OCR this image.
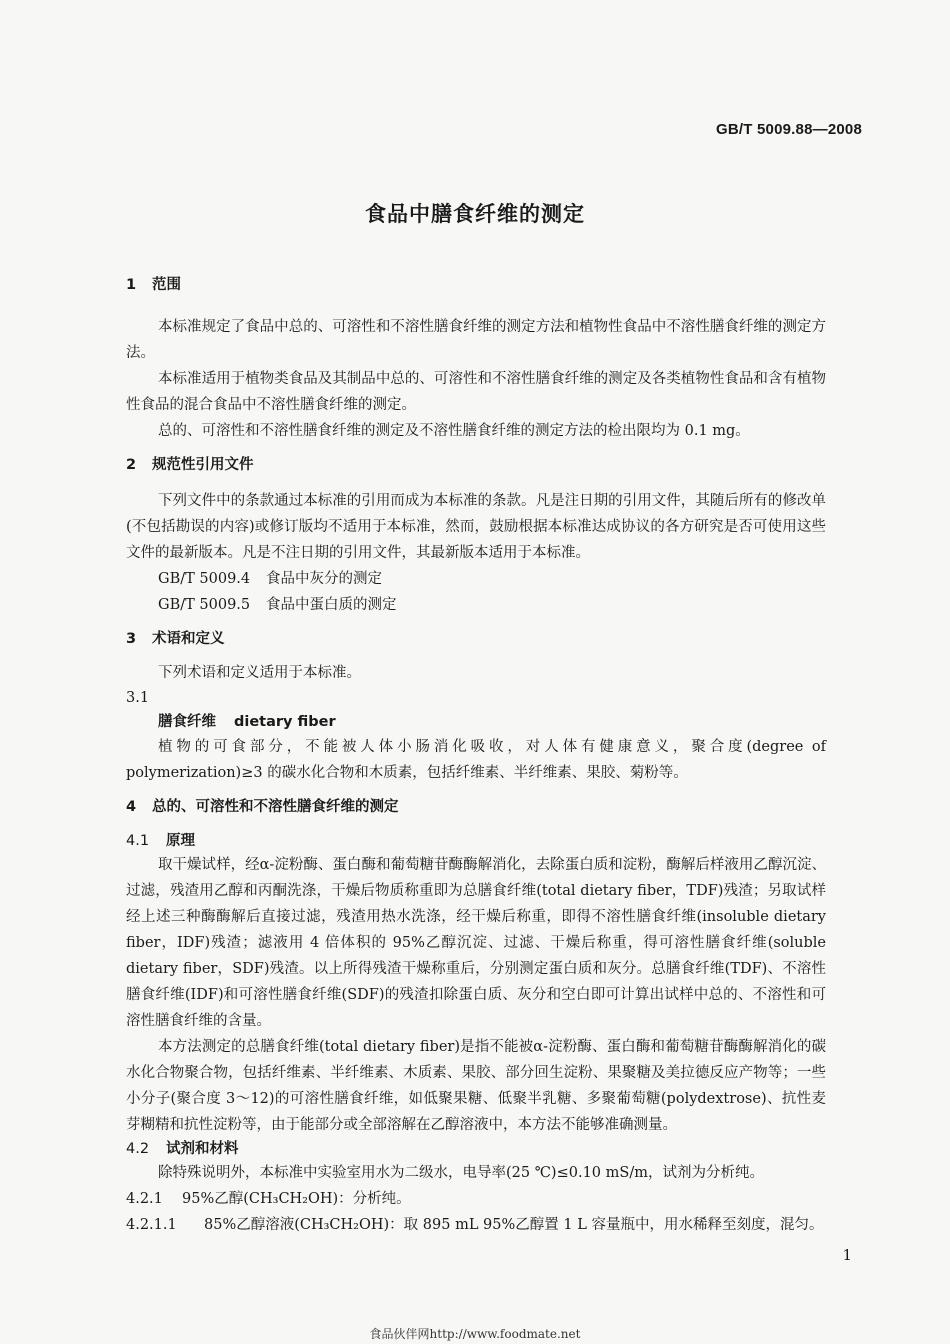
GB/T 5009.88—2008
食品中膳食纤维的测定

1 范围

本标准规定了食品中总的、可溶性和不溶性膳食纤维的测定方法和植物性食品中不溶性膳食纤维的测定方法。

本标准适用于植物类食品及其制品中总的、可溶性和不溶性膳食纤维的测定及各类植物性食品和含有植物性食品的混合食品中不溶性膳食纤维的测定。

总的、可溶性和不溶性膳食纤维的测定及不溶性膳食纤维的测定方法的检出限均为 0.1 mg。

2 规范性引用文件

下列文件中的条款通过本标准的引用而成为本标准的条款。凡是注日期的引用文件，其随后所有的修改单(不包括勘误的内容)或修订版均不适用于本标准，然而，鼓励根据本标准达成协议的各方研究是否可使用这些文件的最新版本。凡是不注日期的引用文件，其最新版本适用于本标准。

GB/T 5009.4 食品中灰分的测定

GB/T 5009.5 食品中蛋白质的测定

3 术语和定义

下列术语和定义适用于本标准。

3.1

膳食纤维 dietary fiber

植物的可食部分，不能被人体小肠消化吸收，对人体有健康意义，聚合度(degree of polymerization)≥3 的碳水化合物和木质素，包括纤维素、半纤维素、果胶、菊粉等。

4 总的、可溶性和不溶性膳食纤维的测定

4.1 原理

取干燥试样，经α-淀粉酶、蛋白酶和葡萄糖苷酶酶解消化，去除蛋白质和淀粉，酶解后样液用乙醇沉淀、过滤，残渣用乙醇和丙酮洗涤，干燥后物质称重即为总膳食纤维(total dietary fiber，TDF)残渣；另取试样经上述三种酶酶解后直接过滤，残渣用热水洗涤，经干燥后称重，即得不溶性膳食纤维(insoluble dietary fiber，IDF)残渣；滤液用 4 倍体积的 95%乙醇沉淀、过滤、干燥后称重，得可溶性膳食纤维(soluble dietary fiber，SDF)残渣。以上所得残渣干燥称重后，分别测定蛋白质和灰分。总膳食纤维(TDF)、不溶性膳食纤维(IDF)和可溶性膳食纤维(SDF)的残渣扣除蛋白质、灰分和空白即可计算出试样中总的、不溶性和可溶性膳食纤维的含量。

本方法测定的总膳食纤维(total dietary fiber)是指不能被α-淀粉酶、蛋白酶和葡萄糖苷酶酶解消化的碳水化合物聚合物，包括纤维素、半纤维素、木质素、果胶、部分回生淀粉、果聚糖及美拉德反应产物等；一些小分子(聚合度 3～12)的可溶性膳食纤维，如低聚果糖、低聚半乳糖、多聚葡萄糖(polydextrose)、抗性麦芽糊精和抗性淀粉等，由于能部分或全部溶解在乙醇溶液中，本方法不能够准确测量。

4.2 试剂和材料

除特殊说明外，本标准中实验室用水为二级水，电导率(25 ℃)≤0.10 mS/m，试剂为分析纯。

4.2.1 95%乙醇(CH₃CH₂OH)：分析纯。

4.2.1.1 85%乙醇溶液(CH₃CH₂OH)：取 895 mL 95%乙醇置 1 L 容量瓶中，用水稀释至刻度，混匀。

1
食品伙伴网http://www.foodmate.net
